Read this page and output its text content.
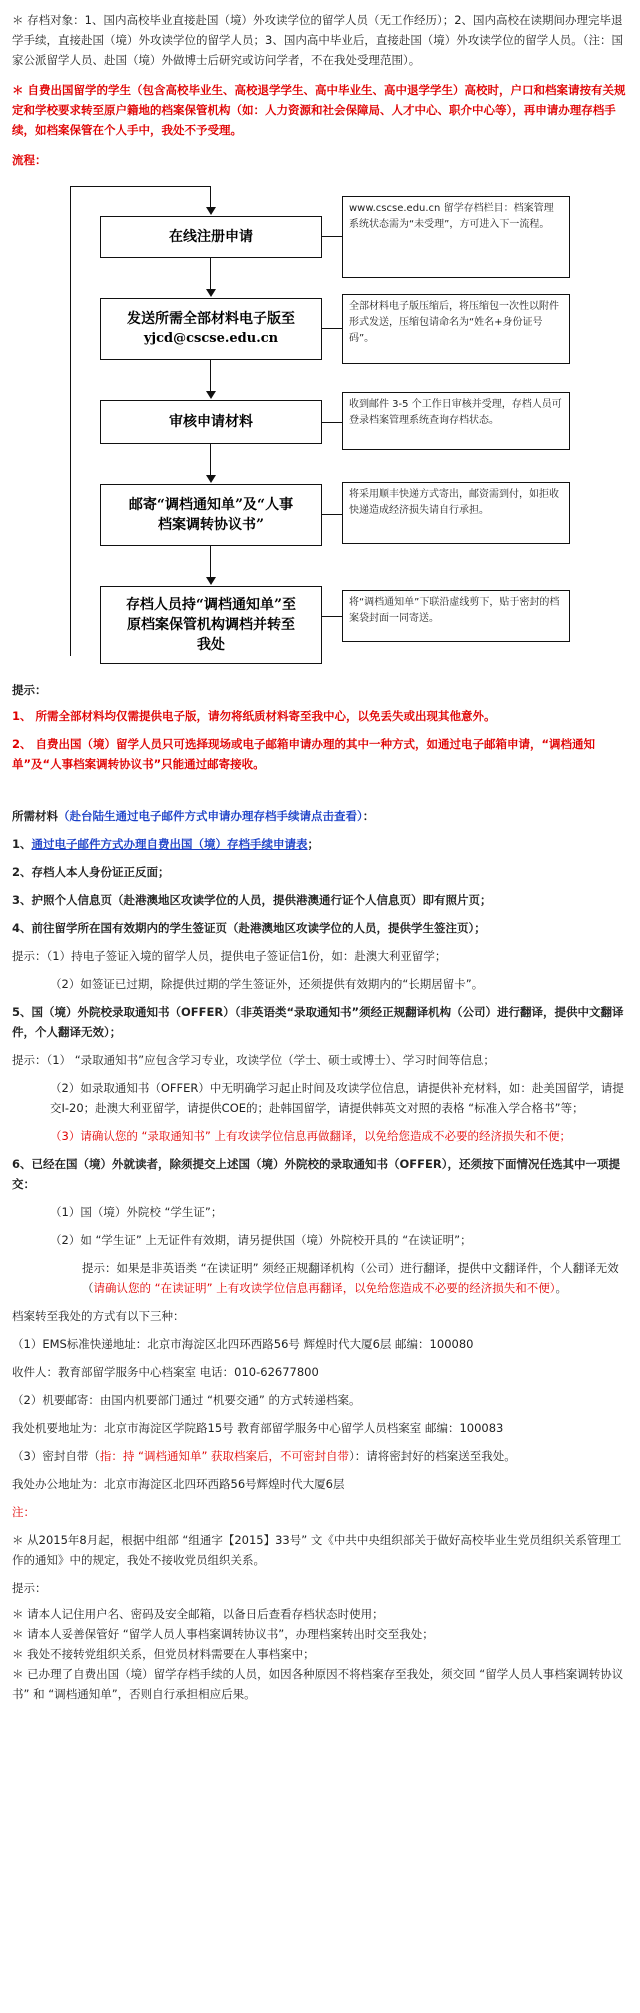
＊ 存档对象：1、国内高校毕业直接赴国（境）外攻读学位的留学人员（无工作经历）；2、国内高校在读期间办理完毕退学手续，直接赴国（境）外攻读学位的留学人员；3、国内高中毕业后，直接赴国（境）外攻读学位的留学人员。（注：国家公派留学人员、赴国（境）外做博士后研究或访问学者，不在我处受理范围）。

＊ 自费出国留学的学生（包含高校毕业生、高校退学学生、高中毕业生、高中退学学生）高校时，户口和档案请按有关规定和学校要求转至原户籍地的档案保管机构（如：人力资源和社会保障局、人才中心、职介中心等），再申请办理存档手续，如档案保管在个人手中，我处不予受理。

流程：

在线注册申请
发送所需全部材料电子版至
yjcd@cscse.edu.cn
审核申请材料
邮寄“调档通知单”及“人事
档案调转协议书”
存档人员持“调档通知单”至
原档案保管机构调档并转至
我处
www.cscse.edu.cn 留学存档栏目：档案管理系统状态需为“未受理”，方可进入下一流程。
全部材料电子版压缩后，将压缩包一次性以附件形式发送，压缩包请命名为“姓名+身份证号码”。
收到邮件 3-5 个工作日审核并受理，存档人员可登录档案管理系统查询存档状态。
将采用顺丰快递方式寄出，邮资需到付，如拒收快递造成经济损失请自行承担。
将“调档通知单”下联沿虚线剪下，贴于密封的档案袋封面一同寄送。

提示：

1、 所需全部材料均仅需提供电子版，请勿将纸质材料寄至我中心，以免丢失或出现其他意外。

2、 自费出国（境）留学人员只可选择现场或电子邮箱申请办理的其中一种方式，如通过电子邮箱申请，“调档通知单”及“人事档案调转协议书”只能通过邮寄接收。

所需材料（赴台陆生通过电子邮件方式申请办理存档手续请点击查看）：

1、通过电子邮件方式办理自费出国（境）存档手续申请表；

2、存档人本人身份证正反面；

3、护照个人信息页（赴港澳地区攻读学位的人员，提供港澳通行证个人信息页）即有照片页；

4、前往留学所在国有效期内的学生签证页（赴港澳地区攻读学位的人员，提供学生签注页）；

提示：（1）持电子签证入境的留学人员，提供电子签证信1份，如：赴澳大利亚留学；

（2）如签证已过期，除提供过期的学生签证外，还须提供有效期内的“长期居留卡”。

5、国（境）外院校录取通知书（OFFER）（非英语类“录取通知书”须经正规翻译机构（公司）进行翻译，提供中文翻译件，个人翻译无效）；

提示：（1） “录取通知书”应包含学习专业，攻读学位（学士、硕士或博士）、学习时间等信息；

（2）如录取通知书（OFFER）中无明确学习起止时间及攻读学位信息，请提供补充材料，如：赴美国留学，请提交I-20；赴澳大利亚留学，请提供COE的；赴韩国留学，请提供韩英文对照的表格 “标准入学合格书”等；

（3）请确认您的 “录取通知书” 上有攻读学位信息再做翻译，以免给您造成不必要的经济损失和不便；

6、已经在国（境）外就读者，除须提交上述国（境）外院校的录取通知书（OFFER），还须按下面情况任选其中一项提交：

（1）国（境）外院校 “学生证”；

（2）如 “学生证” 上无证件有效期，请另提供国（境）外院校开具的 “在读证明”；

提示：如果是非英语类 “在读证明” 须经正规翻译机构（公司）进行翻译，提供中文翻译件，个人翻译无效（请确认您的 “在读证明” 上有攻读学位信息再翻译，以免给您造成不必要的经济损失和不便）。

档案转至我处的方式有以下三种：

（1）EMS标准快递地址：北京市海淀区北四环西路56号 辉煌时代大厦6层 邮编：100080

收件人：教育部留学服务中心档案室 电话：010-62677800

（2）机要邮寄：由国内机要部门通过 “机要交通” 的方式转递档案。

我处机要地址为：北京市海淀区学院路15号 教育部留学服务中心留学人员档案室 邮编：100083

（3）密封自带（指：持 “调档通知单” 获取档案后，不可密封自带）：请将密封好的档案送至我处。

我处办公地址为：北京市海淀区北四环西路56号辉煌时代大厦6层

注：

＊ 从2015年8月起，根据中组部 “组通字【2015】33号” 文《中共中央组织部关于做好高校毕业生党员组织关系管理工作的通知》中的规定，我处不接收党员组织关系。

提示：

＊ 请本人记住用户名、密码及安全邮箱，以备日后查看存档状态时使用；

＊ 请本人妥善保管好 “留学人员人事档案调转协议书”，办理档案转出时交至我处；

＊ 我处不接转党组织关系，但党员材料需要在人事档案中；

＊ 已办理了自费出国（境）留学存档手续的人员，如因各种原因不将档案存至我处，须交回 “留学人员人事档案调转协议书” 和 “调档通知单”，否则自行承担相应后果。
